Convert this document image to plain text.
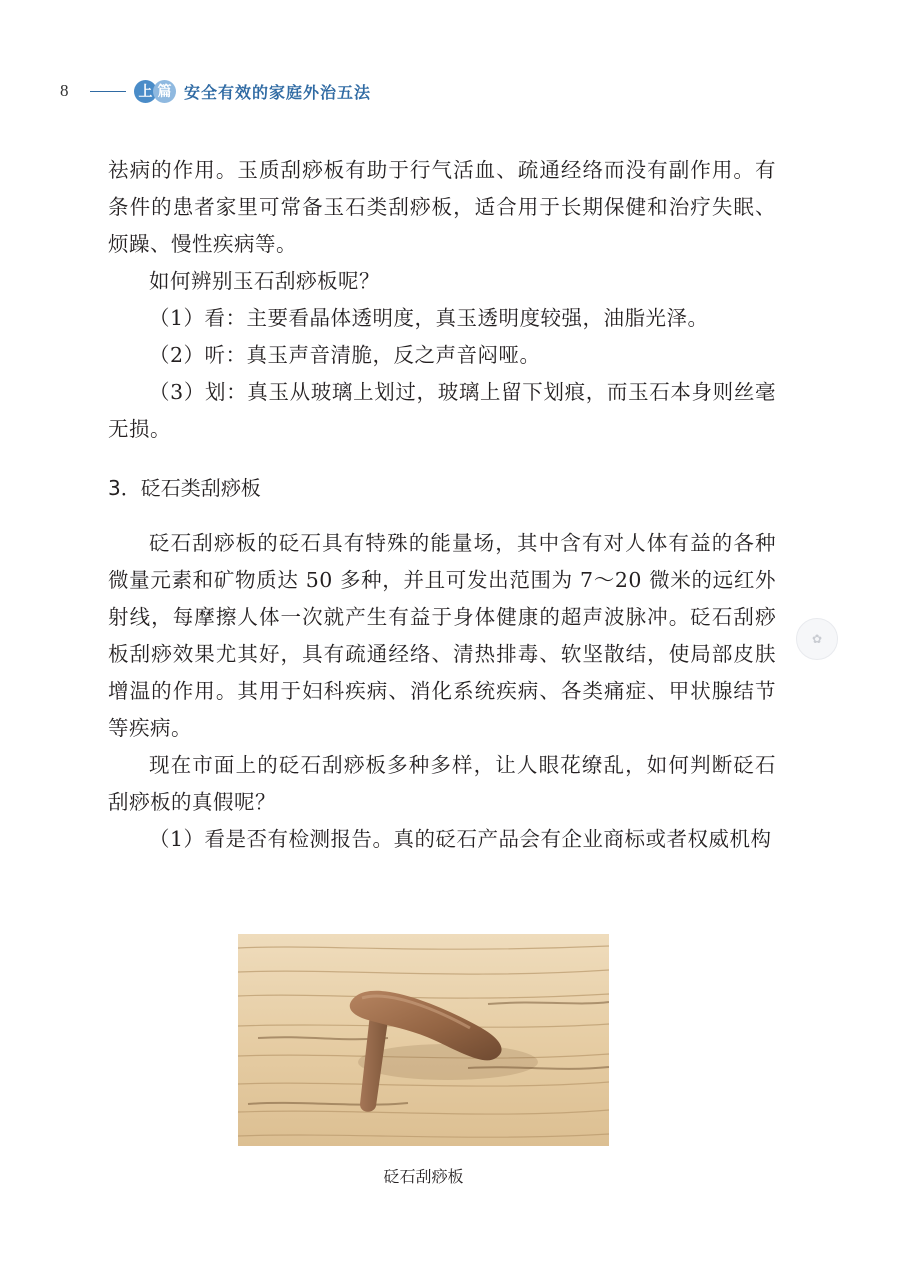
8	上 篇 安全有效的家庭外治五法

祛病的作用。玉质刮痧板有助于行气活血、疏通经络而没有副作用。有条件的患者家里可常备玉石类刮痧板，适合用于长期保健和治疗失眠、烦躁、慢性疾病等。

如何辨别玉石刮痧板呢？

（1）看：主要看晶体透明度，真玉透明度较强，油脂光泽。

（2）听：真玉声音清脆，反之声音闷哑。

（3）划：真玉从玻璃上划过，玻璃上留下划痕，而玉石本身则丝毫无损。

3．砭石类刮痧板

砭石刮痧板的砭石具有特殊的能量场，其中含有对人体有益的各种微量元素和矿物质达 50 多种，并且可发出范围为 7～20 微米的远红外射线，每摩擦人体一次就产生有益于身体健康的超声波脉冲。砭石刮痧板刮痧效果尤其好，具有疏通经络、清热排毒、软坚散结，使局部皮肤增温的作用。其用于妇科疾病、消化系统疾病、各类痛症、甲状腺结节等疾病。

现在市面上的砭石刮痧板多种多样，让人眼花缭乱，如何判断砭石刮痧板的真假呢？

（1）看是否有检测报告。真的砭石产品会有企业商标或者权威机构

✿
砭石刮痧板
